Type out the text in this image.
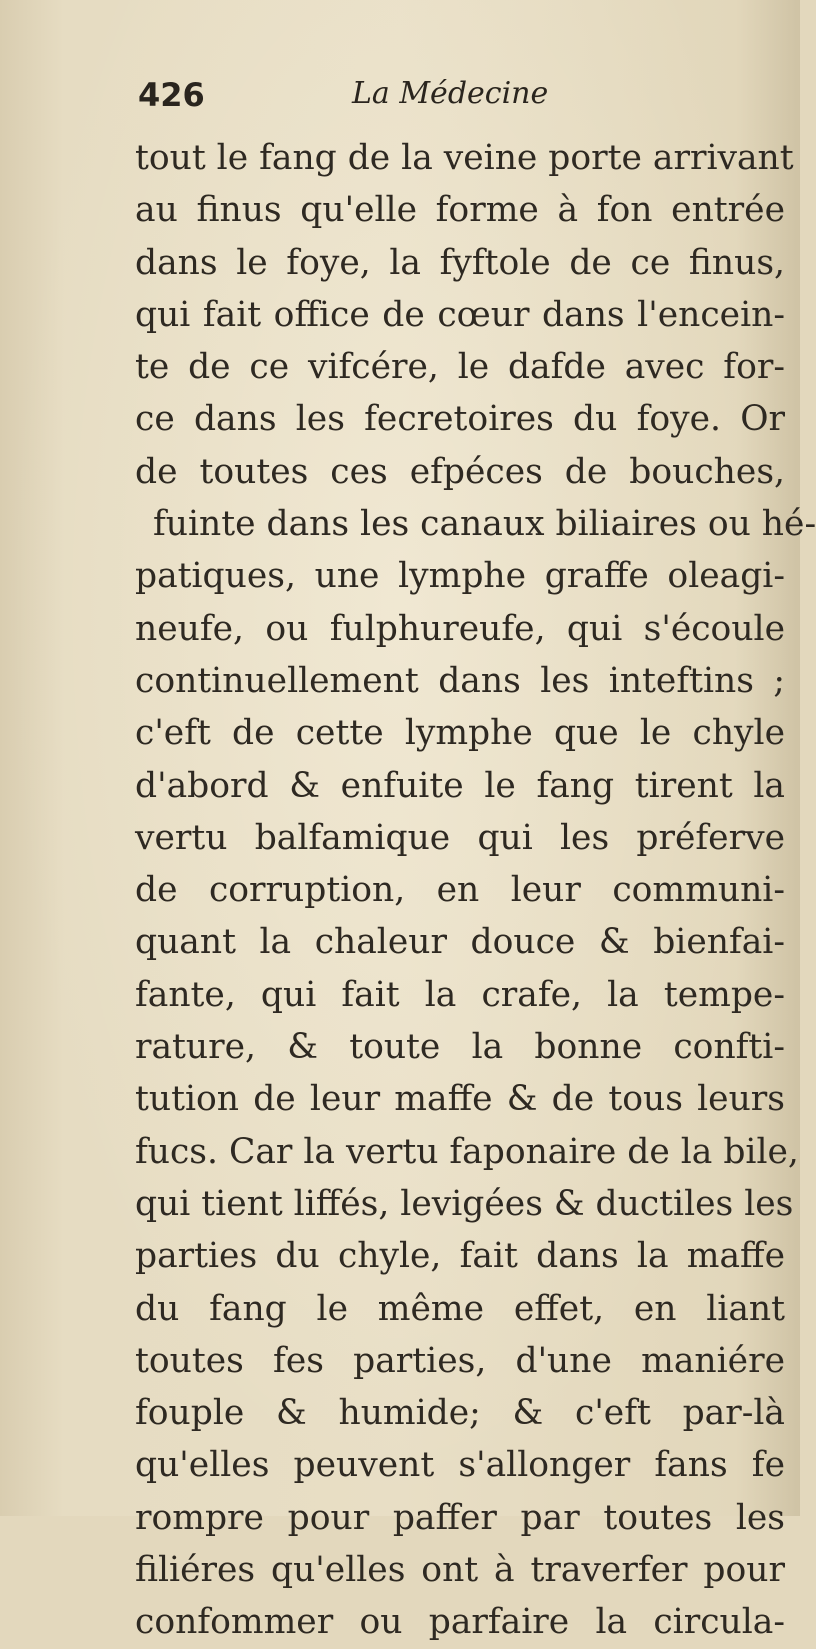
426	La Médecine
tout le fang de la veine porte arrivant
au finus qu'elle forme à fon entrée
dans le foye, la fyftole de ce finus,
qui fait office de cœur dans l'encein-
te de ce vifcére, le dafde avec for-
ce dans les fecretoires du foye. Or
de toutes ces efpéces de bouches,
fuinte dans les canaux biliaires ou hé-
patiques, une lymphe graffe oleagi-
neufe, ou fulphureufe, qui s'écoule
continuellement dans les inteftins ;
c'eft de cette lymphe que le chyle
d'abord & enfuite le fang tirent la
vertu balfamique qui les préferve
de corruption, en leur communi-
quant la chaleur douce & bienfai-
fante, qui fait la crafe, la tempe-
rature, & toute la bonne confti-
tution de leur maffe & de tous leurs
fucs. Car la vertu faponaire de la bile,
qui tient liffés, levigées & ductiles les
parties du chyle, fait dans la maffe
du fang le même effet, en liant
toutes fes parties, d'une maniére
fouple & humide; & c'eft par-là
qu'elles peuvent s'allonger fans fe
rompre pour paffer par toutes les
filiéres qu'elles ont à traverfer pour
confommer ou parfaire la circula-
